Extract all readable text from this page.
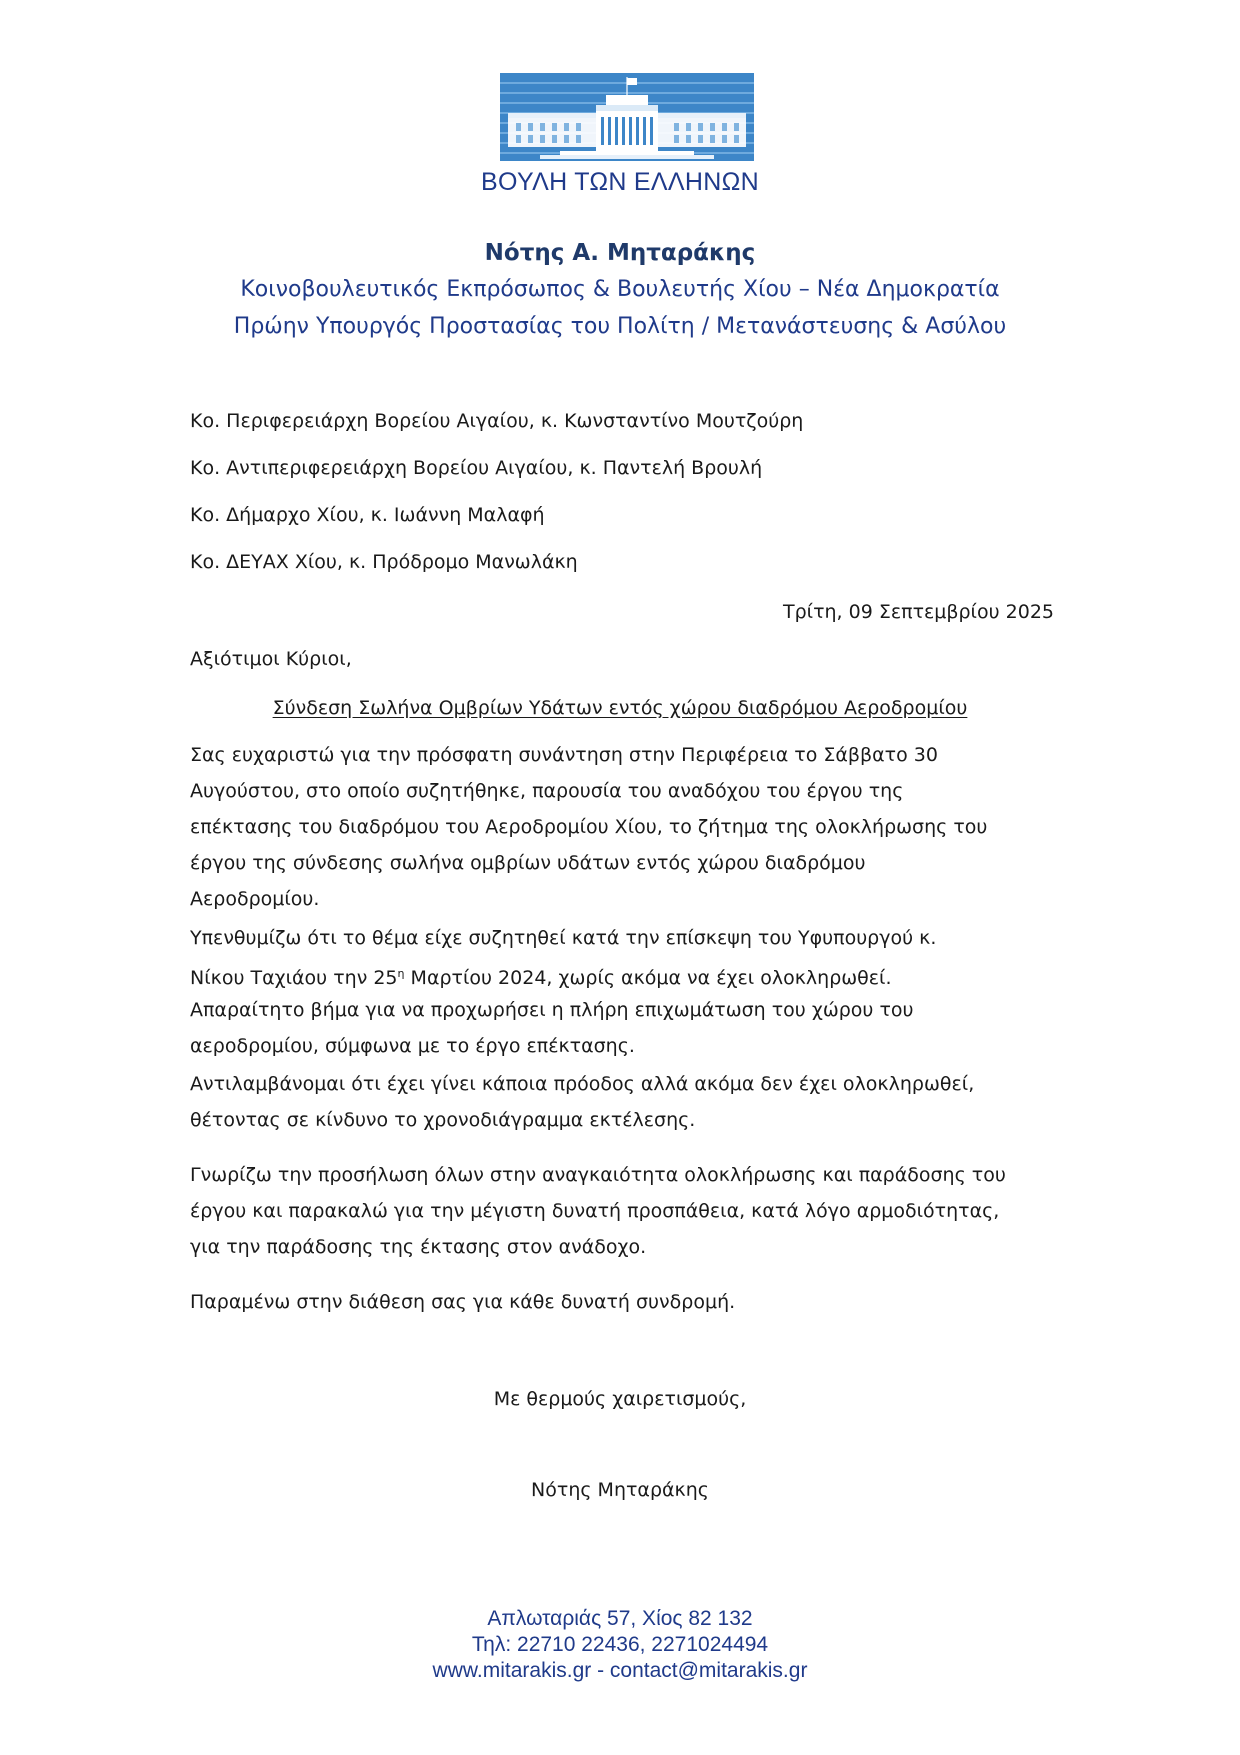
ΒΟΥΛΗ ΤΩΝ ΕΛΛΗΝΩΝ
Νότης Α. Μηταράκης
Κοινοβουλευτικός Εκπρόσωπος & Βουλευτής Χίου – Νέα Δημοκρατία
Πρώην Υπουργός Προστασίας του Πολίτη / Μετανάστευσης & Ασύλου
Κο. Περιφερειάρχη Βορείου Αιγαίου, κ. Κωνσταντίνο Μουτζούρη
Κο. Αντιπεριφερειάρχη Βορείου Αιγαίου, κ. Παντελή Βρουλή
Κο. Δήμαρχο Χίου, κ. Ιωάννη Μαλαφή
Κο. ΔΕΥΑΧ Χίου, κ. Πρόδρομο Μανωλάκη
Τρίτη, 09 Σεπτεμβρίου 2025
Αξιότιμοι Κύριοι,
Σύνδεση Σωλήνα Ομβρίων Υδάτων εντός χώρου διαδρόμου Αεροδρομίου
Σας ευχαριστώ για την πρόσφατη συνάντηση στην Περιφέρεια το Σάββατο 30
Αυγούστου, στο οποίο συζητήθηκε, παρουσία του αναδόχου του έργου της
επέκτασης του διαδρόμου του Αεροδρομίου Χίου, το ζήτημα της ολοκλήρωσης του
έργου της σύνδεσης σωλήνα ομβρίων υδάτων εντός χώρου διαδρόμου
Αεροδρομίου.
Υπενθυμίζω ότι το θέμα είχε συζητηθεί κατά την επίσκεψη του Υφυπουργού κ.
Νίκου Ταχιάου την $25^\eta$ Μαρτίου 2024, χωρίς ακόμα να έχει ολοκληρωθεί.
Απαραίτητο βήμα για να προχωρήσει η πλήρη επιχωμάτωση του χώρου του
αεροδρομίου, σύμφωνα με το έργο επέκτασης.
Αντιλαμβάνομαι ότι έχει γίνει κάποια πρόοδος αλλά ακόμα δεν έχει ολοκληρωθεί,
θέτοντας σε κίνδυνο το χρονοδιάγραμμα εκτέλεσης.
Γνωρίζω την προσήλωση όλων στην αναγκαιότητα ολοκλήρωσης και παράδοσης του
έργου και παρακαλώ για την μέγιστη δυνατή προσπάθεια, κατά λόγο αρμοδιότητας,
για την παράδοσης της έκτασης στον ανάδοχο.
Παραμένω στην διάθεση σας για κάθε δυνατή συνδρομή.
Με θερμούς χαιρετισμούς,
Νότης Μηταράκης
Απλωταριάς 57, Χίος 82 132
Τηλ: 22710 22436, 2271024494
www.mitarakis.gr - contact@mitarakis.gr
